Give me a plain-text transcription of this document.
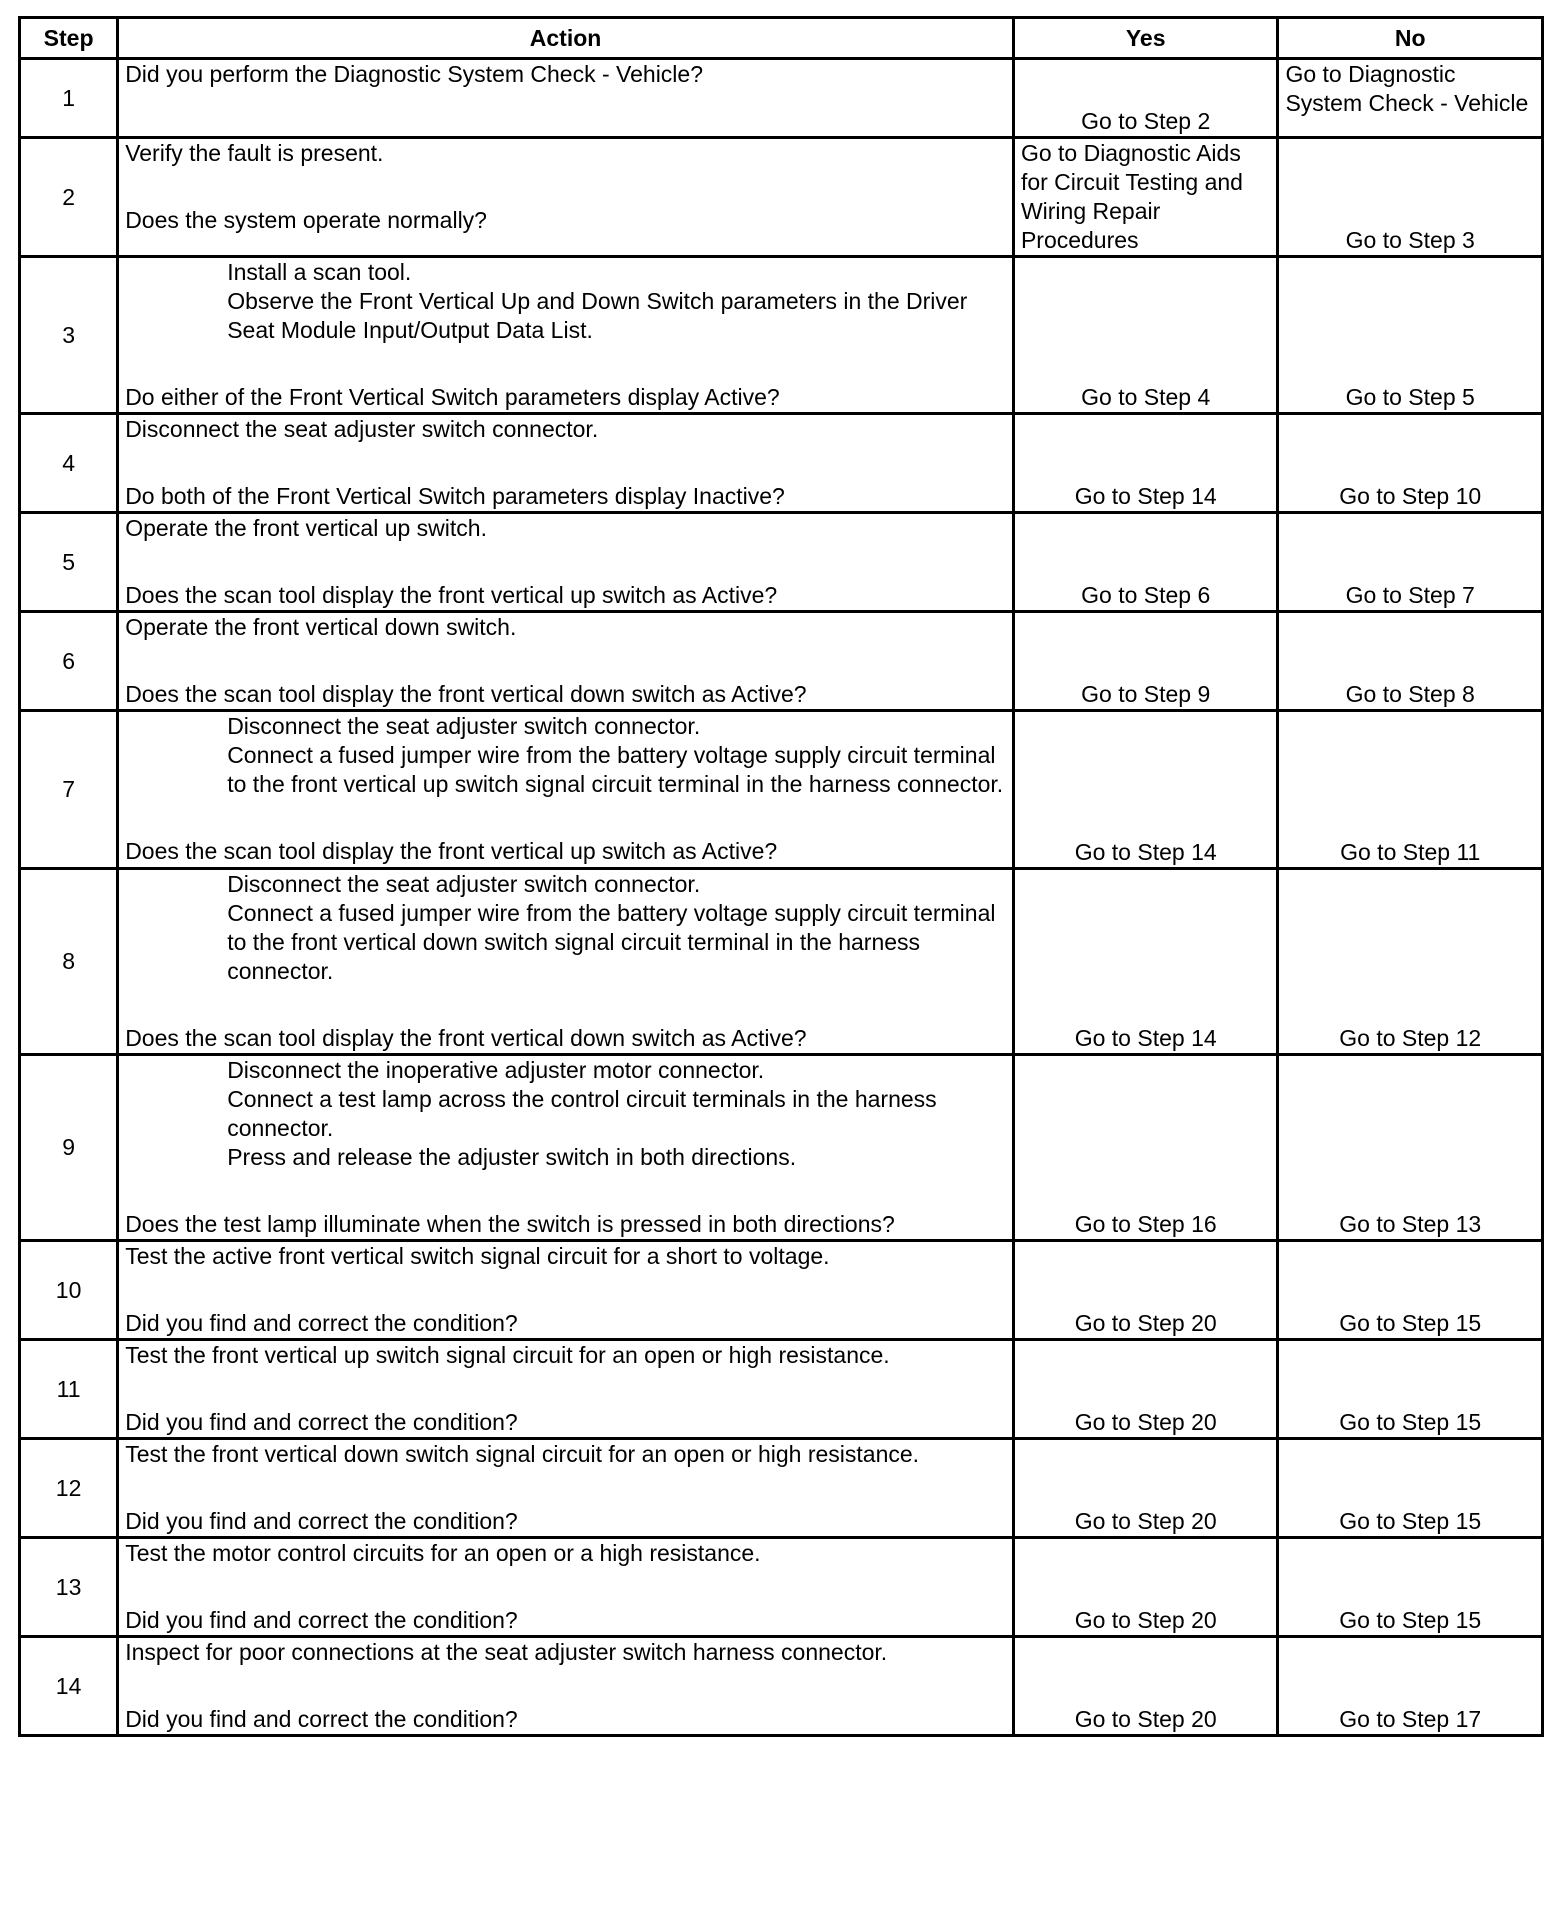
Step	Action	Yes	No
1	Did you perform the Diagnostic System Check - Vehicle?	Go to Step 2	Go to Diagnostic System Check - Vehicle
2	Verify the fault is present.
Does the system operate normally?	Go to Diagnostic Aids for Circuit Testing and Wiring Repair Procedures	Go to Step 3
3	Install a scan tool.
Observe the Front Vertical Up and Down Switch parameters in the Driver Seat Module Input/Output Data List.
Do either of the Front Vertical Switch parameters display Active?	Go to Step 4	Go to Step 5
4	Disconnect the seat adjuster switch connector.
Do both of the Front Vertical Switch parameters display Inactive?	Go to Step 14	Go to Step 10
5	Operate the front vertical up switch.
Does the scan tool display the front vertical up switch as Active?	Go to Step 6	Go to Step 7
6	Operate the front vertical down switch.
Does the scan tool display the front vertical down switch as Active?	Go to Step 9	Go to Step 8
7	Disconnect the seat adjuster switch connector.
Connect a fused jumper wire from the battery voltage supply circuit terminal to the front vertical up switch signal circuit terminal in the harness connector.
Does the scan tool display the front vertical up switch as Active?	Go to Step 14	Go to Step 11
8	Disconnect the seat adjuster switch connector.
Connect a fused jumper wire from the battery voltage supply circuit terminal to the front vertical down switch signal circuit terminal in the harness connector.
Does the scan tool display the front vertical down switch as Active?	Go to Step 14	Go to Step 12
9	Disconnect the inoperative adjuster motor connector.
Connect a test lamp across the control circuit terminals in the harness connector.
Press and release the adjuster switch in both directions.
Does the test lamp illuminate when the switch is pressed in both directions?	Go to Step 16	Go to Step 13
10	Test the active front vertical switch signal circuit for a short to voltage.
Did you find and correct the condition?	Go to Step 20	Go to Step 15
11	Test the front vertical up switch signal circuit for an open or high resistance.
Did you find and correct the condition?	Go to Step 20	Go to Step 15
12	Test the front vertical down switch signal circuit for an open or high resistance.
Did you find and correct the condition?	Go to Step 20	Go to Step 15
13	Test the motor control circuits for an open or a high resistance.
Did you find and correct the condition?	Go to Step 20	Go to Step 15
14	Inspect for poor connections at the seat adjuster switch harness connector.
Did you find and correct the condition?	Go to Step 20	Go to Step 17
